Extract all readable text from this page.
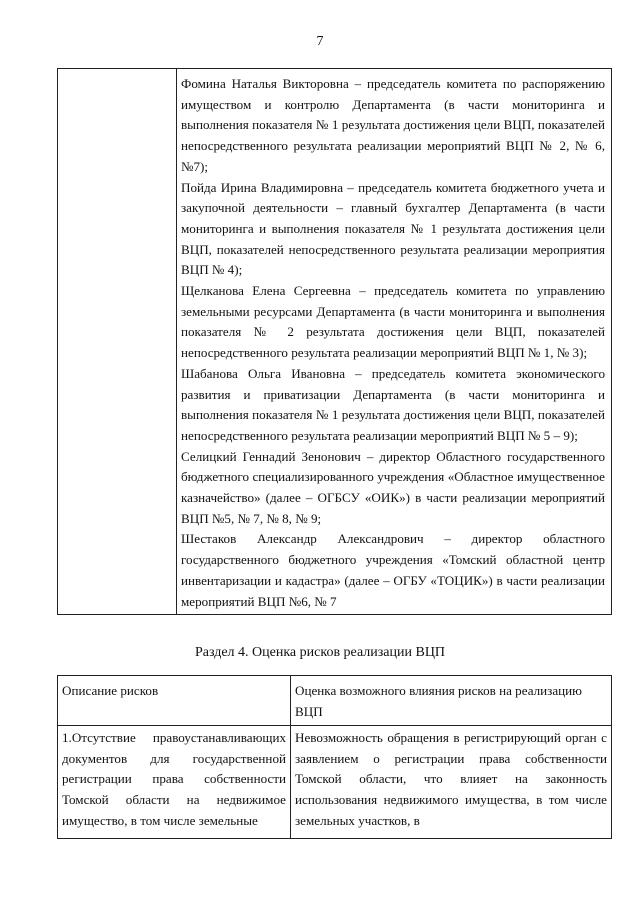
7

Фомина Наталья Викторовна – председатель комитета по распоряжению имуществом и контролю Департамента (в части мониторинга и выполнения показателя № 1 результата достижения цели ВЦП, показателей непосредственного результата реализации мероприятий ВЦП № 2, № 6, №7);
Пойда Ирина Владимировна – председатель комитета бюджетного учета и закупочной деятельности – главный бухгалтер Департамента (в части мониторинга и выполнения показателя № 1 результата достижения цели ВЦП, показателей непосредственного результата реализации мероприятия ВЦП № 4);
Щелканова Елена Сергеевна – председатель комитета по управлению земельными ресурсами Департамента (в части мониторинга и выполнения показателя № 2 результата достижения цели ВЦП, показателей непосредственного результата реализации мероприятий ВЦП № 1, № 3);
Шабанова Ольга Ивановна – председатель комитета экономического развития и приватизации Департамента (в части мониторинга и выполнения показателя № 1 результата достижения цели ВЦП, показателей непосредственного результата реализации мероприятий ВЦП № 5 – 9);
Селицкий Геннадий Зенонович – директор Областного государственного бюджетного специализированного учреждения «Областное имущественное казначейство» (далее – ОГБСУ «ОИК») в части реализации мероприятий ВЦП №5, № 7, № 8, № 9;
Шестаков Александр Александрович – директор областного государственного бюджетного учреждения «Томский областной центр инвентаризации и кадастра» (далее – ОГБУ «ТОЦИК») в части реализации мероприятий ВЦП №6, № 7
Раздел 4. Оценка рисков реализации ВЦП
Описание рисков	Оценка возможного влияния рисков на реализацию ВЦП
1.Отсутствие правоустанавливающих документов для государственной регистрации права собственности Томской области на недвижимое имущество, в том числе земельные	Невозможность обращения в регистрирующий орган с заявлением о регистрации права собственности Томской области, что влияет на законность использования недвижимого имущества, в том числе земельных участков, в
